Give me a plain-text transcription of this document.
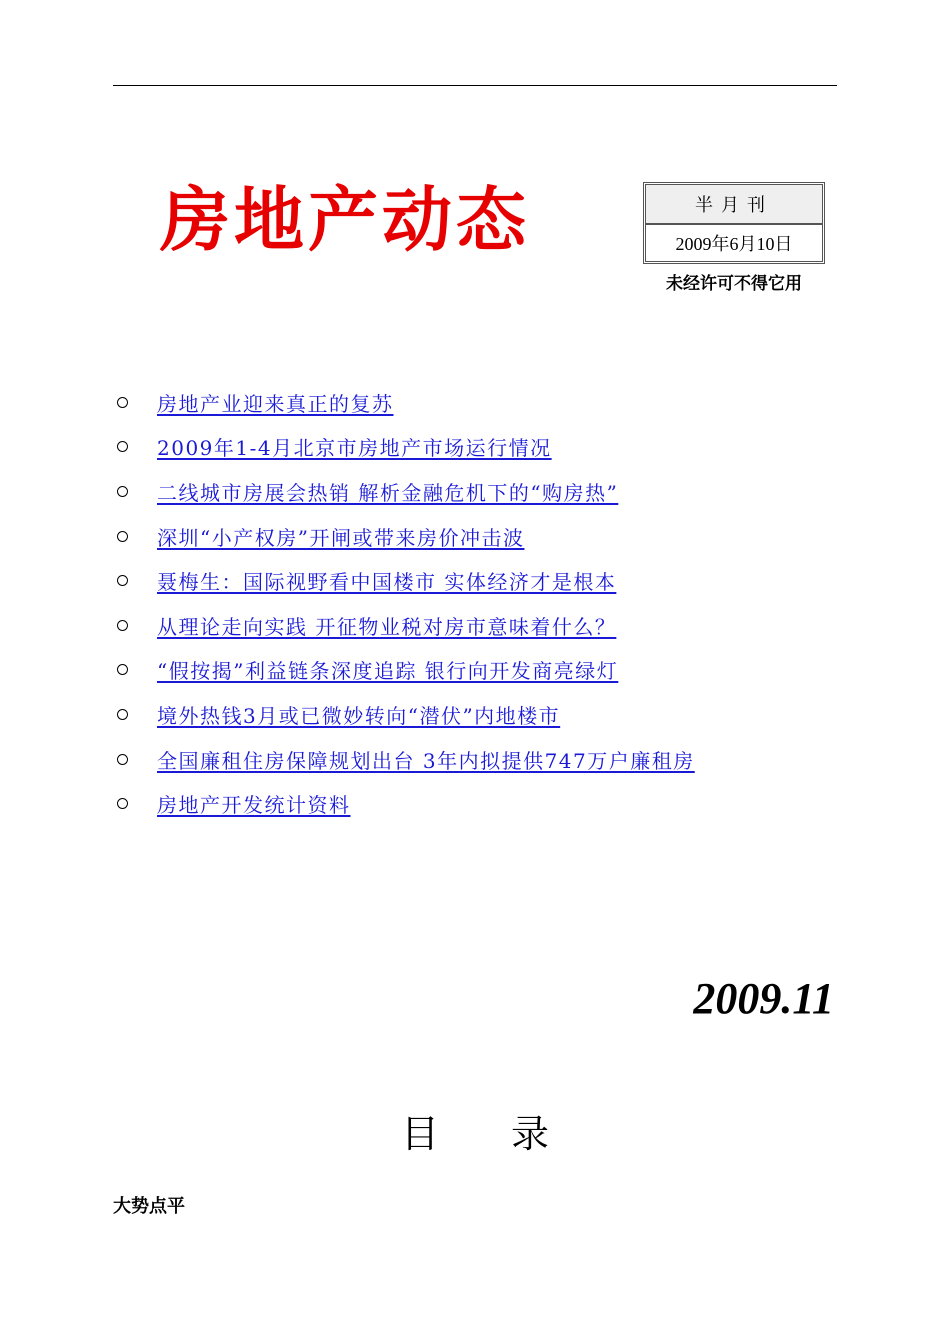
房地产动态	半月刊
2009年6月10日
未经许可不得它用
房地产业迎来真正的复苏
2009年1-4月北京市房地产市场运行情况
二线城市房展会热销 解析金融危机下的“购房热”
深圳“小产权房”开闸或带来房价冲击波
聂梅生：国际视野看中国楼市 实体经济才是根本
从理论走向实践 开征物业税对房市意味着什么？
“假按揭”利益链条深度追踪 银行向开发商亮绿灯
境外热钱3月或已微妙转向“潜伏”内地楼市
全国廉租住房保障规划出台 3年内拟提供747万户廉租房
房地产开发统计资料
2009.11
目 录
大势点平
